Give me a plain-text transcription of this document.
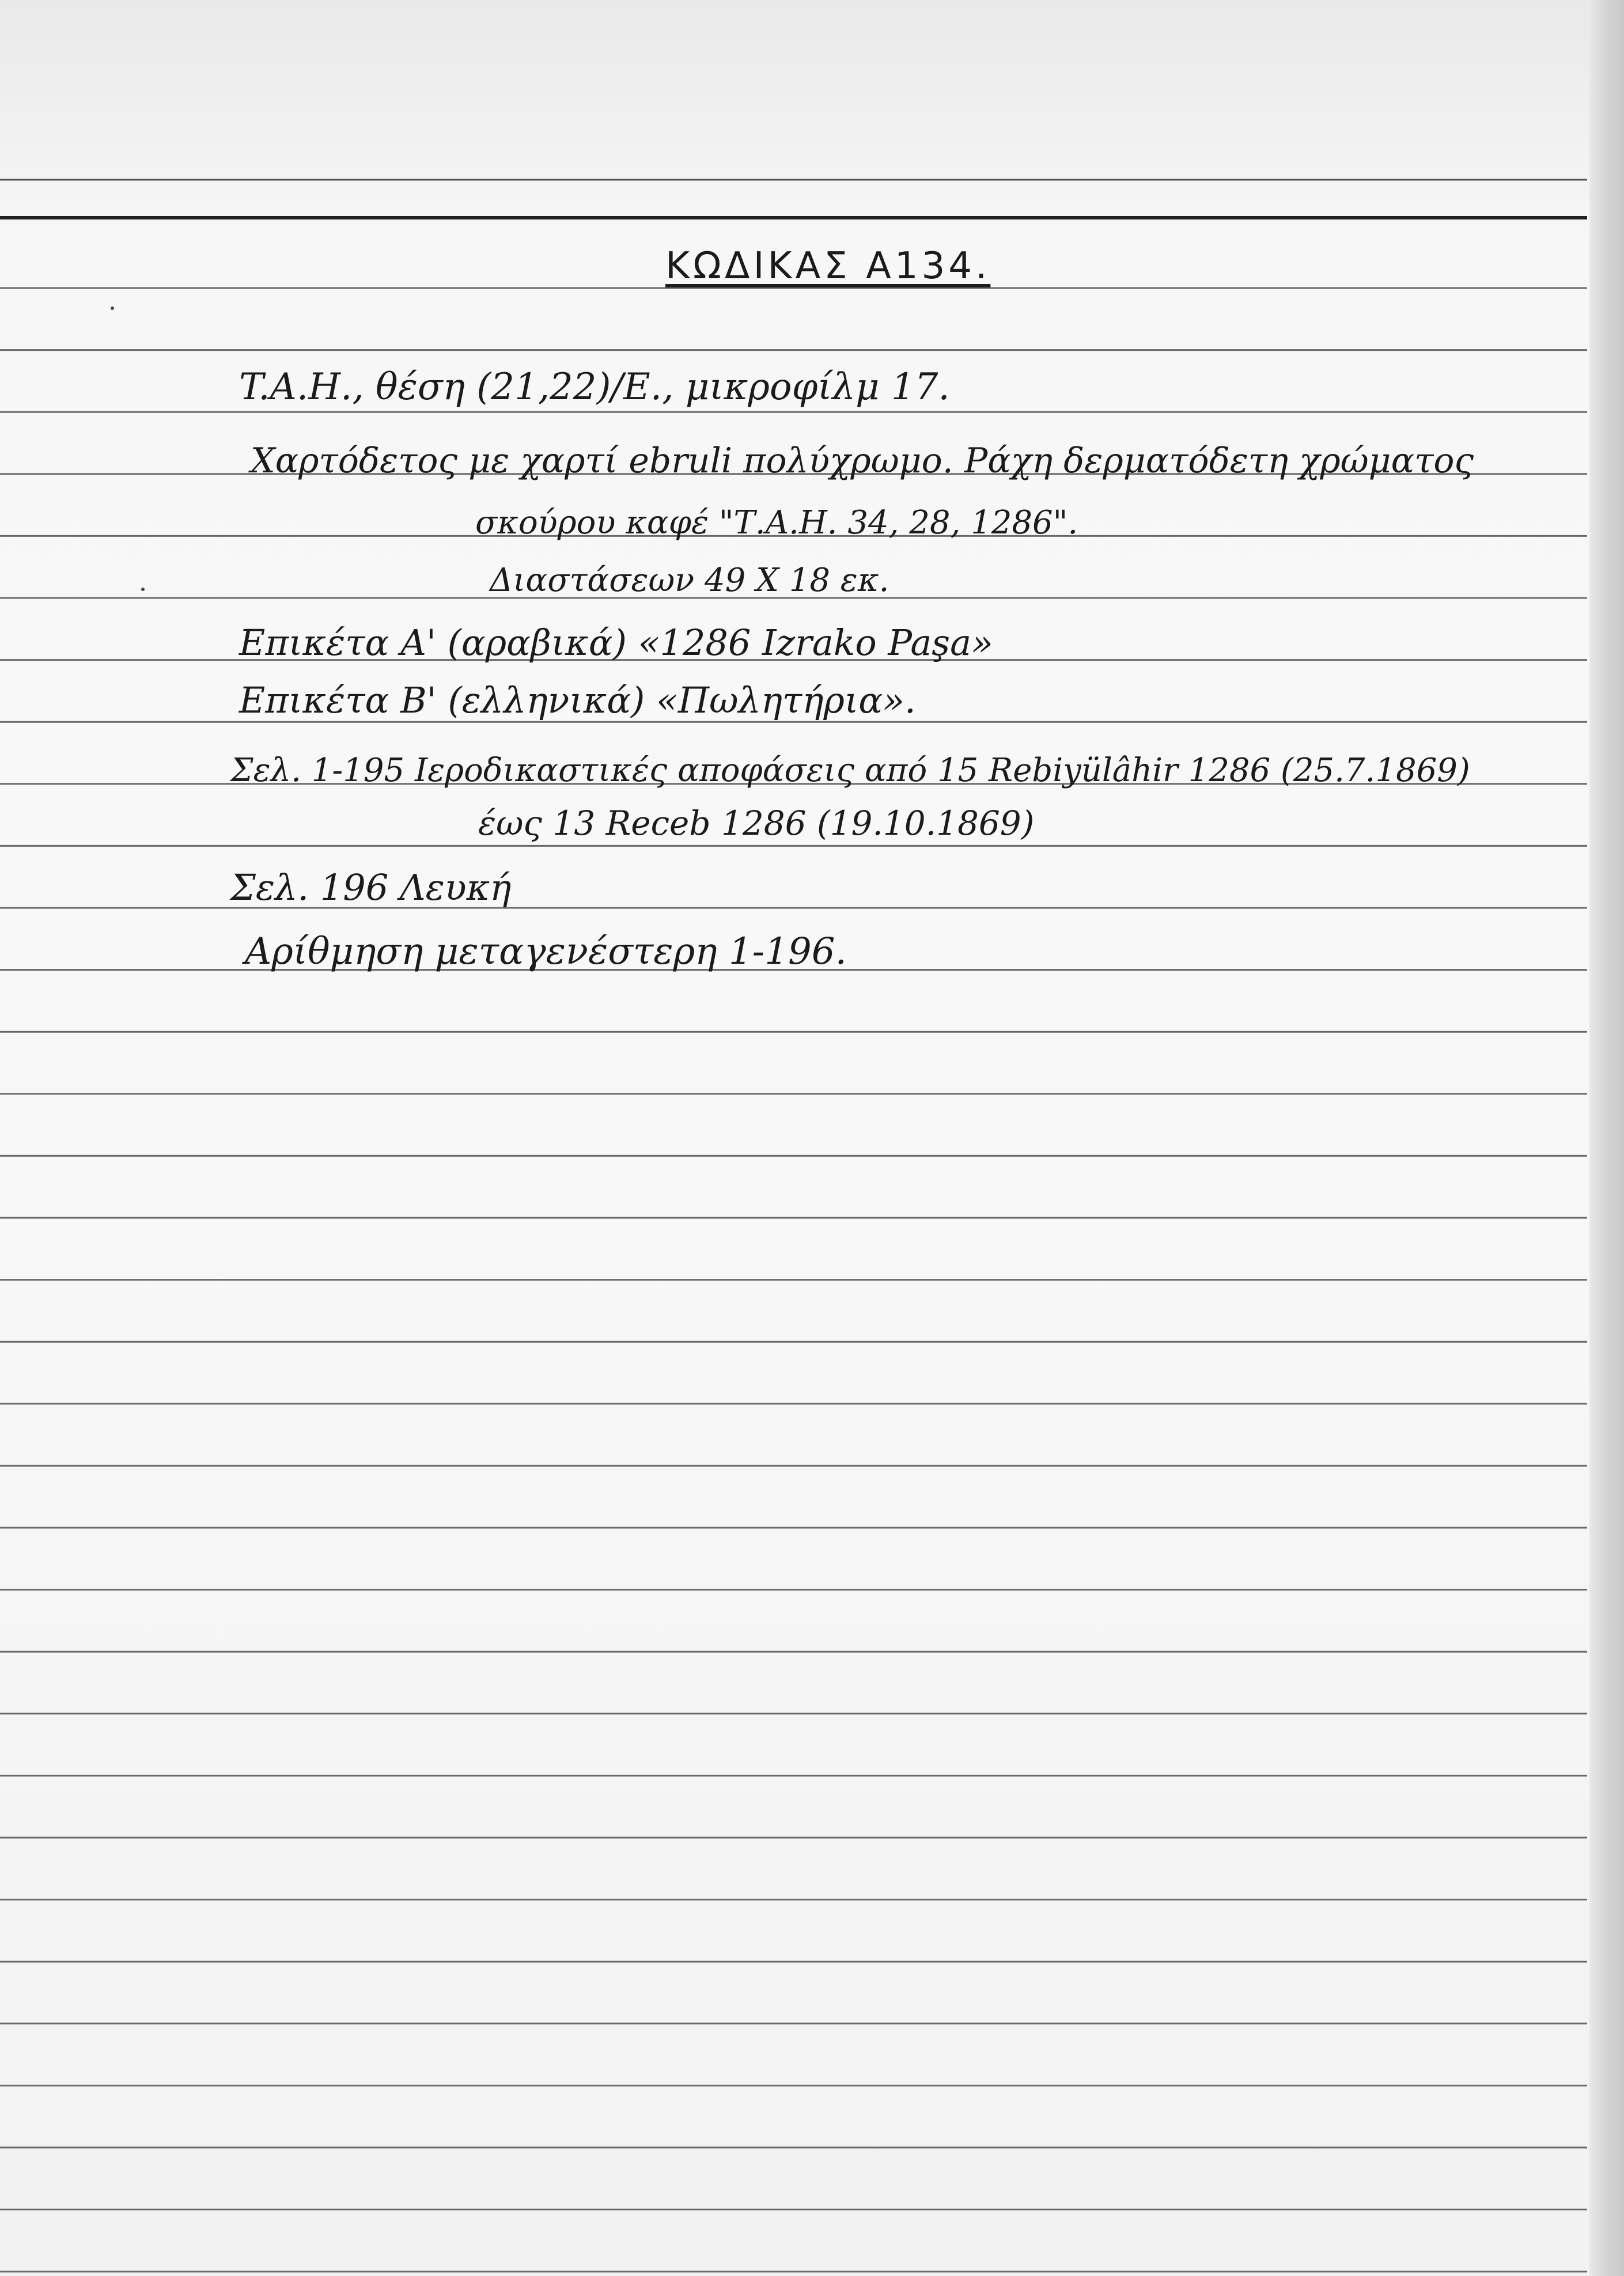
ΚΩΔΙΚΑΣ Α134.

T.A.H., θέση (21,22)/E., μικροφίλμ 17.

Χαρτόδετος με χαρτί ebruli πολύχρωμο. Ράχη δερματόδετη χρώματος

σκούρου καφέ "Τ.Α.Η. 34, 28, 1286".

Διαστάσεων 49 X 18 εκ.

Επικέτα Α' (αραβικά) «1286 Izrako Paşa»

Επικέτα Β' (ελληνικά) «Πωλητήρια».

Σελ. 1-195 Ιεροδικαστικές αποφάσεις από 15 Rebiyülâhir 1286 (25.7.1869)

έως 13 Receb 1286 (19.10.1869)

Σελ. 196 Λευκή

Αρίθμηση μεταγενέστερη 1-196.
